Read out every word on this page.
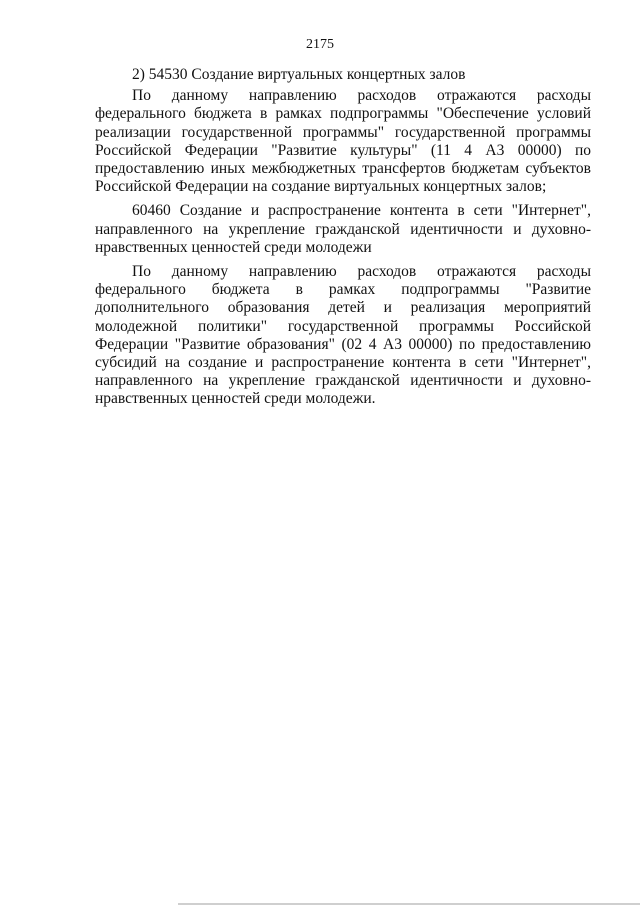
2175

2) 54530 Создание виртуальных концертных залов

По данному направлению расходов отражаются расходы федерального бюджета в рамках подпрограммы "Обеспечение условий реализации государственной программы" государственной программы Российской Федерации "Развитие культуры" (11 4 А3 00000) по предоставлению иных межбюджетных трансфертов бюджетам субъектов Российской Федерации на создание виртуальных концертных залов;

60460 Создание и распространение контента в сети "Интернет", направленного на укрепление гражданской идентичности и духовно-нравственных ценностей среди молодежи

По данному направлению расходов отражаются расходы федерального бюджета в рамках подпрограммы "Развитие дополнительного образования детей и реализация мероприятий молодежной политики" государственной программы Российской Федерации "Развитие образования" (02 4 А3 00000) по предоставлению субсидий на создание и распространение контента в сети "Интернет", направленного на укрепление гражданской идентичности и духовно-нравственных ценностей среди молодежи.
